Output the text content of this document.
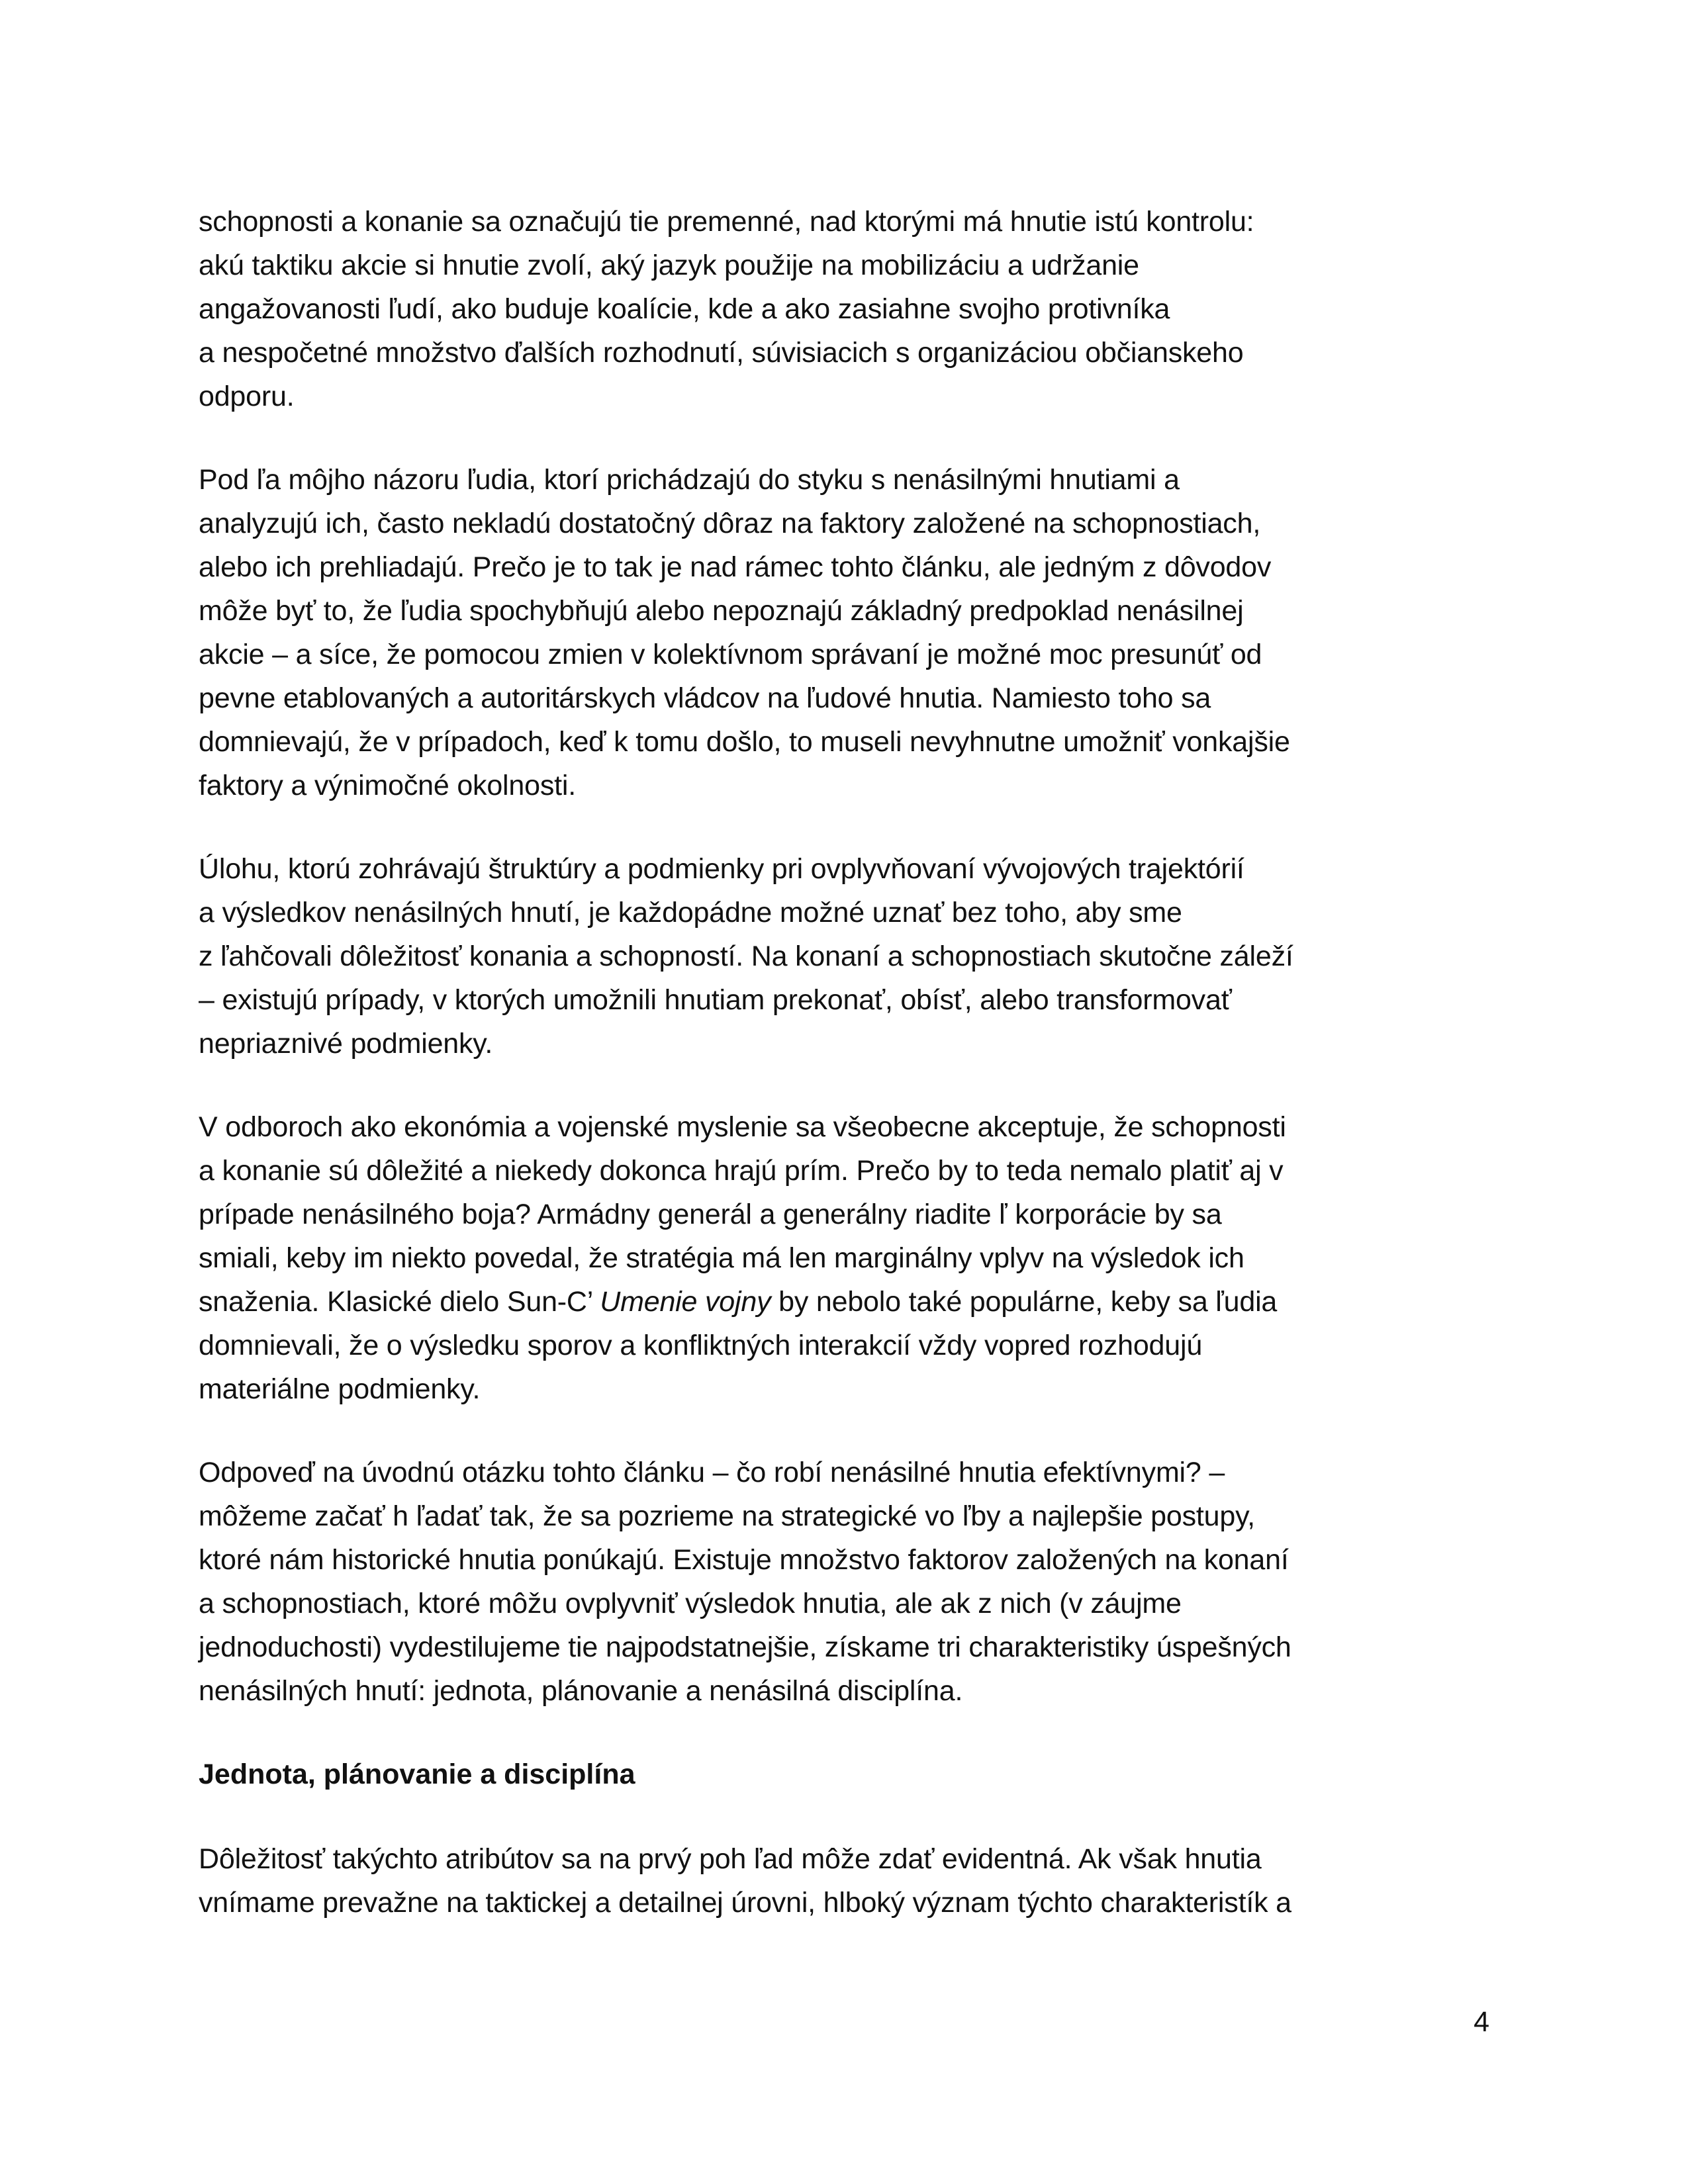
schopnosti a konanie sa označujú tie premenné, nad ktorými má hnutie istú kontrolu:
akú taktiku akcie si hnutie zvolí, aký jazyk použije na mobilizáciu a udržanie
angažovanosti ľudí, ako buduje koalície, kde a ako zasiahne svojho protivníka
a nespočetné množstvo ďalších rozhodnutí, súvisiacich s organizáciou občianskeho
odporu.

Pod ľa môjho názoru ľudia, ktorí prichádzajú do styku s nenásilnými hnutiami a
analyzujú ich, často nekladú dostatočný dôraz na faktory založené na schopnostiach,
alebo ich prehliadajú. Prečo je to tak je nad rámec tohto článku, ale jedným z dôvodov
môže byť to, že ľudia spochybňujú alebo nepoznajú základný predpoklad nenásilnej
akcie – a síce, že pomocou zmien v kolektívnom správaní je možné moc presunúť od
pevne etablovaných a autoritárskych vládcov na ľudové hnutia. Namiesto toho sa
domnievajú, že v prípadoch, keď k tomu došlo, to museli nevyhnutne umožniť vonkajšie
faktory a výnimočné okolnosti.

Úlohu, ktorú zohrávajú štruktúry a podmienky pri ovplyvňovaní vývojových trajektórií
a výsledkov nenásilných hnutí, je každopádne možné uznať bez toho, aby sme
z ľahčovali dôležitosť konania a schopností. Na konaní a schopnostiach skutočne záleží
– existujú prípady, v ktorých umožnili hnutiam prekonať, obísť, alebo transformovať
nepriaznivé podmienky.

V odboroch ako ekonómia a vojenské myslenie sa všeobecne akceptuje, že schopnosti
a konanie sú dôležité a niekedy dokonca hrajú prím. Prečo by to teda nemalo platiť aj v
prípade nenásilného boja? Armádny generál a generálny riadite ľ korporácie by sa
smiali, keby im niekto povedal, že stratégia má len marginálny vplyv na výsledok ich
snaženia. Klasické dielo Sun-C’ Umenie vojny by nebolo také populárne, keby sa ľudia
domnievali, že o výsledku sporov a konfliktných interakcií vždy vopred rozhodujú
materiálne podmienky.

Odpoveď na úvodnú otázku tohto článku – čo robí nenásilné hnutia efektívnymi? –
môžeme začať h ľadať tak, že sa pozrieme na strategické vo ľby a najlepšie postupy,
ktoré nám historické hnutia ponúkajú. Existuje množstvo faktorov založených na konaní
a schopnostiach, ktoré môžu ovplyvniť výsledok hnutia, ale ak z nich (v záujme
jednoduchosti) vydestilujeme tie najpodstatnejšie, získame tri charakteristiky úspešných
nenásilných hnutí: jednota, plánovanie a nenásilná disciplína.

Jednota, plánovanie a disciplína

Dôležitosť takýchto atribútov sa na prvý poh ľad môže zdať evidentná. Ak však hnutia
vnímame prevažne na taktickej a detailnej úrovni, hlboký význam týchto charakteristík a

4
